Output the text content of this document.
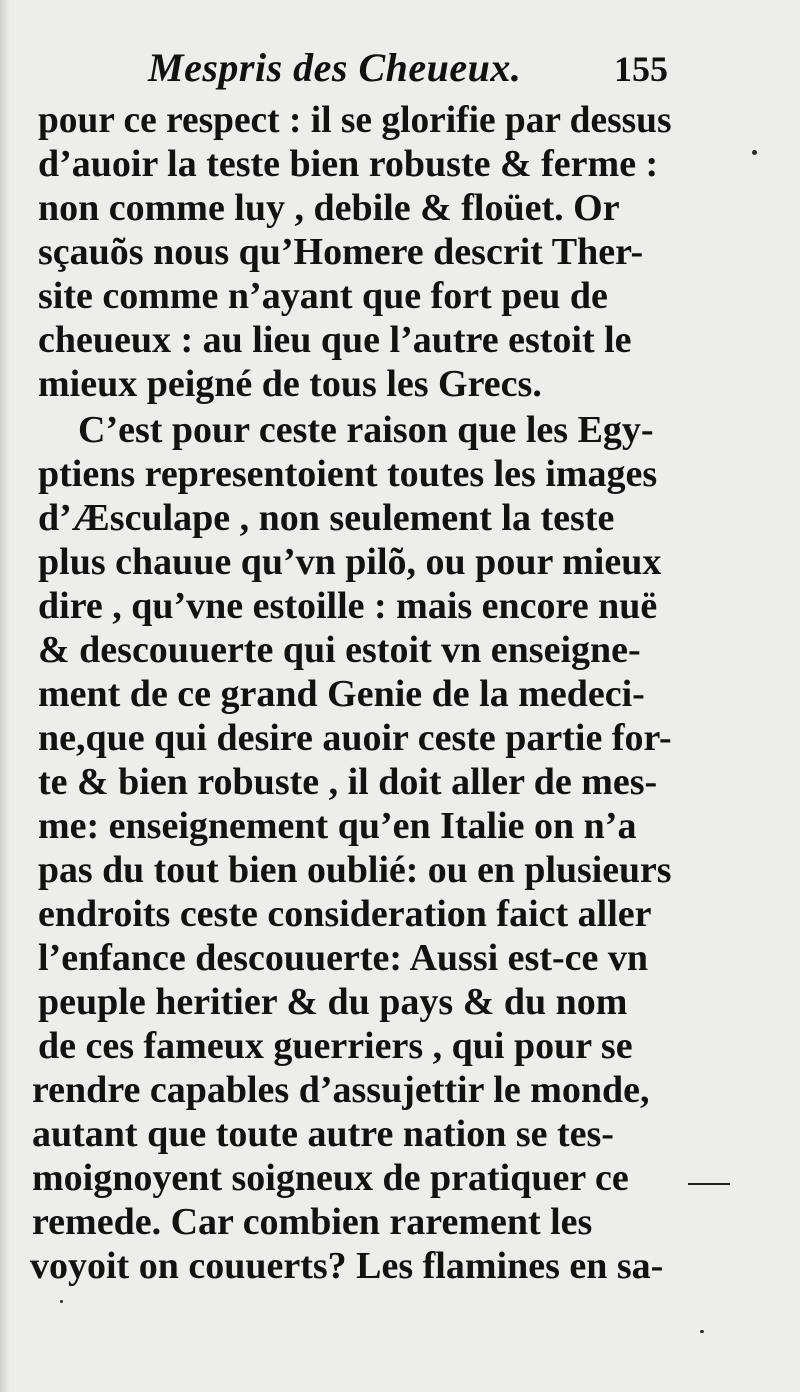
Mespris des Cheueux.	155
pour ce respect : il se glorifie par dessus
d’auoir la teste bien robuste & ferme :
non comme luy , debile & floüet. Or
sçauõs nous qu’Homere descrit Ther-
site comme n’ayant que fort peu de
cheueux : au lieu que l’autre estoit le
mieux peigné de tous les Grecs.
C’est pour ceste raison que les Egy-
ptiens representoient toutes les images
d’Æsculape , non seulement la teste
plus chauue qu’vn pilõ, ou pour mieux
dire , qu’vne estoille : mais encore nuë
& descouuerte qui estoit vn enseigne-
ment de ce grand Genie de la medeci-
ne,que qui desire auoir ceste partie for-
te & bien robuste , il doit aller de mes-
me: enseignement qu’en Italie on n’a
pas du tout bien oublié: ou en plusieurs
endroits ceste consideration faict aller
l’enfance descouuerte: Aussi est-ce vn
peuple heritier & du pays & du nom
de ces fameux guerriers , qui pour se
rendre capables d’assujettir le monde,
autant que toute autre nation se tes-
moignoyent soigneux de pratiquer ce
remede. Car combien rarement les
voyoit on couuerts? Les flamines en sa-
